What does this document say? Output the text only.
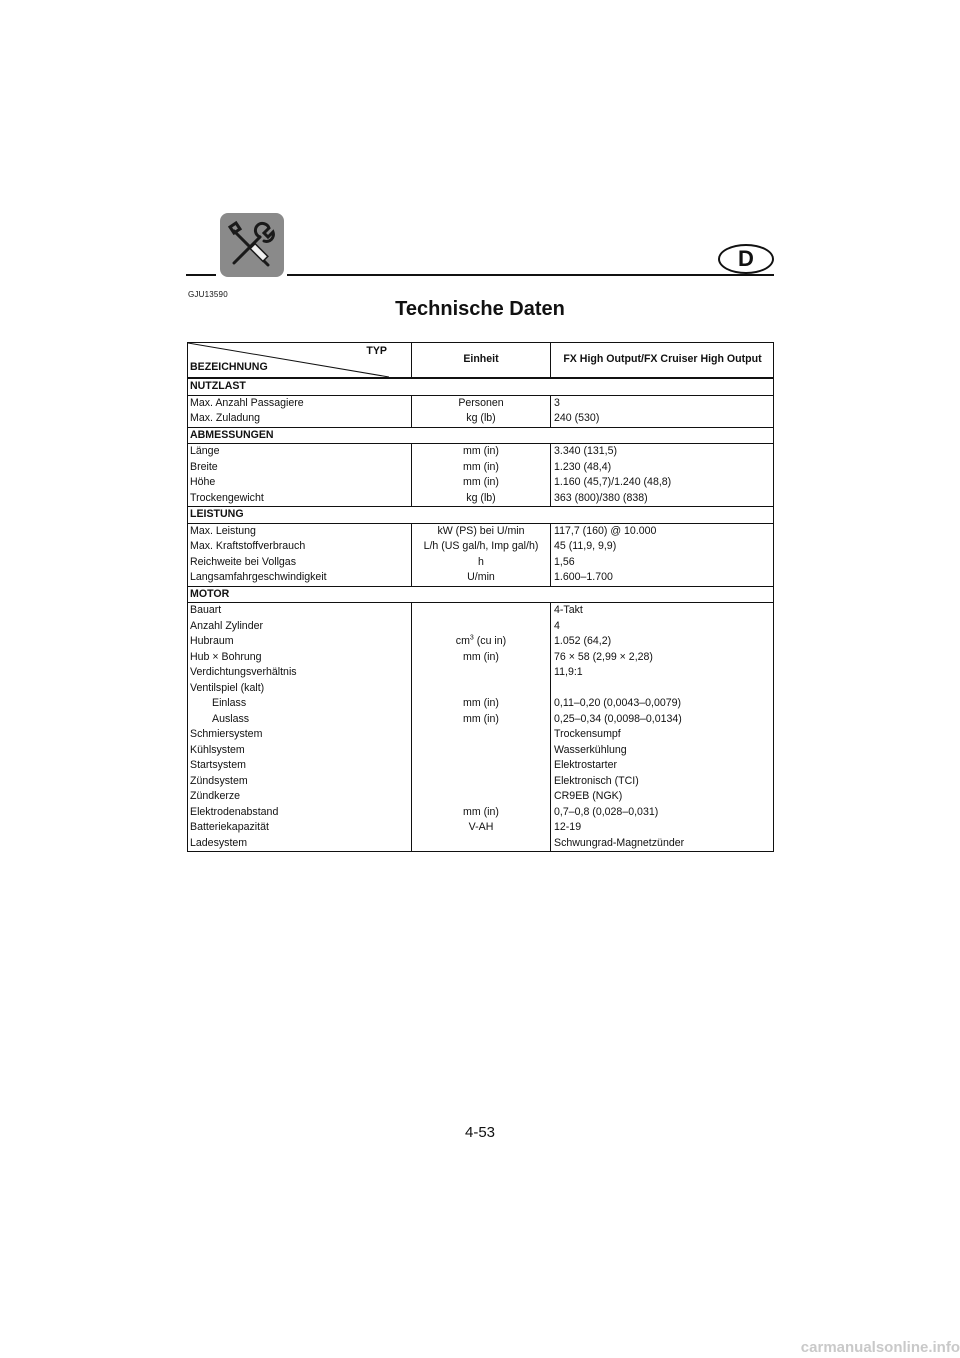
D
GJU13590
Technische Daten
TYP
BEZEICHNUNG	Einheit	FX High Output/FX Cruiser High Output
NUTZLAST		
Max. Anzahl Passagiere	Personen	3
Max. Zuladung	kg (lb)	240 (530)
ABMESSUNGEN		
Länge	mm (in)	3.340 (131,5)
Breite	mm (in)	1.230 (48,4)
Höhe	mm (in)	1.160 (45,7)/1.240 (48,8)
Trockengewicht	kg (lb)	363 (800)/380 (838)
LEISTUNG		
Max. Leistung	kW (PS) bei U/min	117,7 (160) @ 10.000
Max. Kraftstoffverbrauch	L/h (US gal/h, Imp gal/h)	45 (11,9, 9,9)
Reichweite bei Vollgas	h	1,56
Langsamfahrgeschwindigkeit	U/min	1.600–1.700
MOTOR		
Bauart		4-Takt
Anzahl Zylinder		4
Hubraum	$cm^3$ (cu in)	1.052 (64,2)
Hub × Bohrung	mm (in)	76 × 58 (2,99 × 2,28)
Verdichtungsverhältnis		11,9:1
Ventilspiel (kalt)		
Einlass	mm (in)	0,11–0,20 (0,0043–0,0079)
Auslass	mm (in)	0,25–0,34 (0,0098–0,0134)
Schmiersystem		Trockensumpf
Kühlsystem		Wasserkühlung
Startsystem		Elektrostarter
Zündsystem		Elektronisch (TCI)
Zündkerze		CR9EB (NGK)
Elektrodenabstand	mm (in)	0,7–0,8 (0,028–0,031)
Batteriekapazität	V-AH	12-19
Ladesystem		Schwungrad-Magnetzünder
4-53
carmanualsonline.info
